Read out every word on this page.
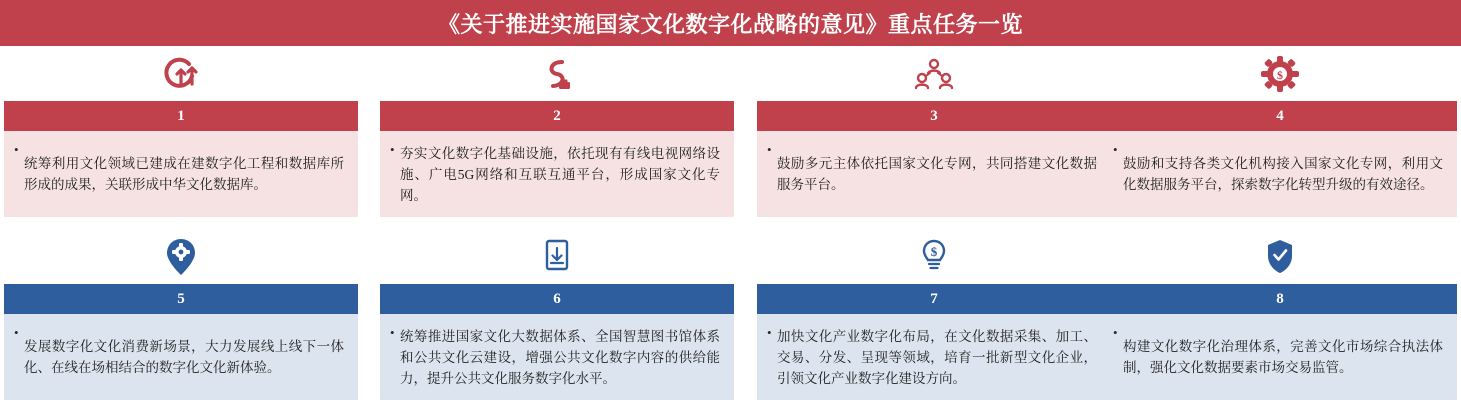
《关于推进实施国家文化数字化战略的意见》重点任务一览
1
•
统筹利用文化领域已建成在建数字化工程和数据库所形成的成果，关联形成中华文化数据库。
2
• 夯实文化数字化基础设施，依托现有有线电视网络设施、广电5G网络和互联互通平台，形成国家文化专网。
3
•
鼓励多元主体依托国家文化专网，共同搭建文化数据服务平台。
$
4
•
鼓励和支持各类文化机构接入国家文化专网，利用文化数据服务平台，探索数字化转型升级的有效途径。
5
•
发展数字化文化消费新场景，大力发展线上线下一体化、在线在场相结合的数字化文化新体验。
6
• 统筹推进国家文化大数据体系、全国智慧图书馆体系和公共文化云建设，增强公共文化数字内容的供给能力，提升公共文化服务数字化水平。
$
7
• 加快文化产业数字化布局，在文化数据采集、加工、交易、分发、呈现等领域，培育一批新型文化企业，引领文化产业数字化建设方向。
8
•
构建文化数字化治理体系，完善文化市场综合执法体制，强化文化数据要素市场交易监管。
